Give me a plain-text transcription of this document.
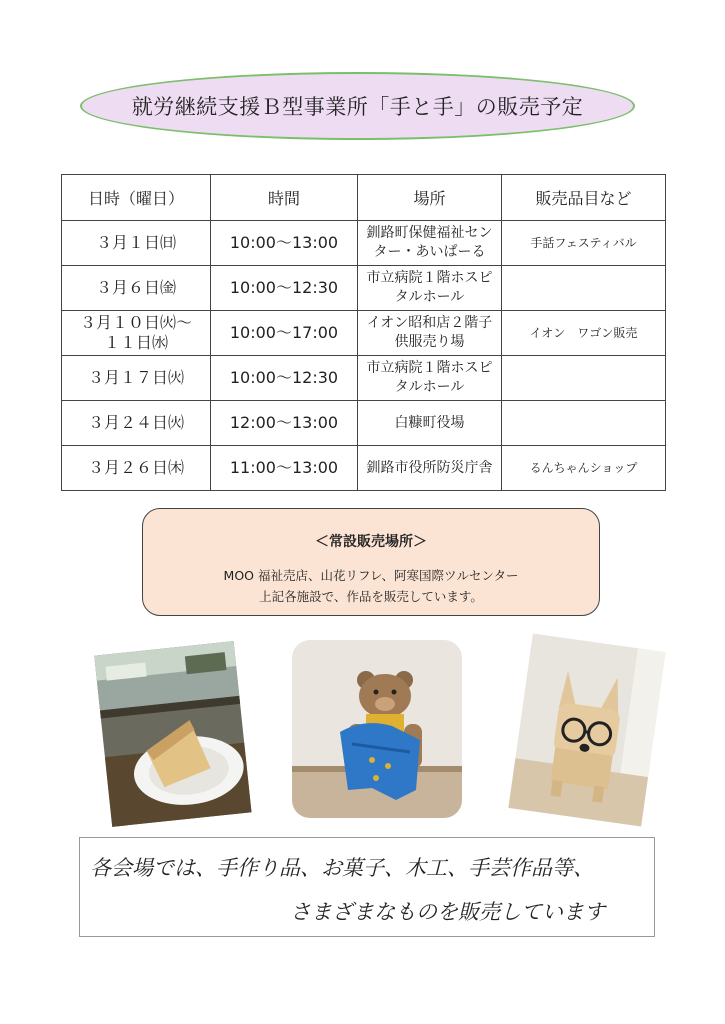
就労継続支援Ｂ型事業所「手と手」の販売予定
日時（曜日）	時間	場所	販売品目など
３月１日㈰	10:00～13:00	釧路町保健福祉センター・あいぱーる	手話フェスティバル
３月６日㈮	10:00～12:30	市立病院１階ホスピタルホール	
３月１０日㈫～　１１日㈬	10:00～17:00	イオン昭和店２階子供服売り場	イオン　ワゴン販売
３月１７日㈫	10:00～12:30	市立病院１階ホスピタルホール	
３月２４日㈫	12:00～13:00	白糠町役場	
３月２６日㈭	11:00～13:00	釧路市役所防災庁舎	るんちゃんショップ
＜常設販売場所＞
MOO 福祉売店、山花リフレ、阿寒国際ツルセンター
上記各施設で、作品を販売しています。
各会場では、手作り品、お菓子、木工、手芸作品等、
さまざまなものを販売しています
